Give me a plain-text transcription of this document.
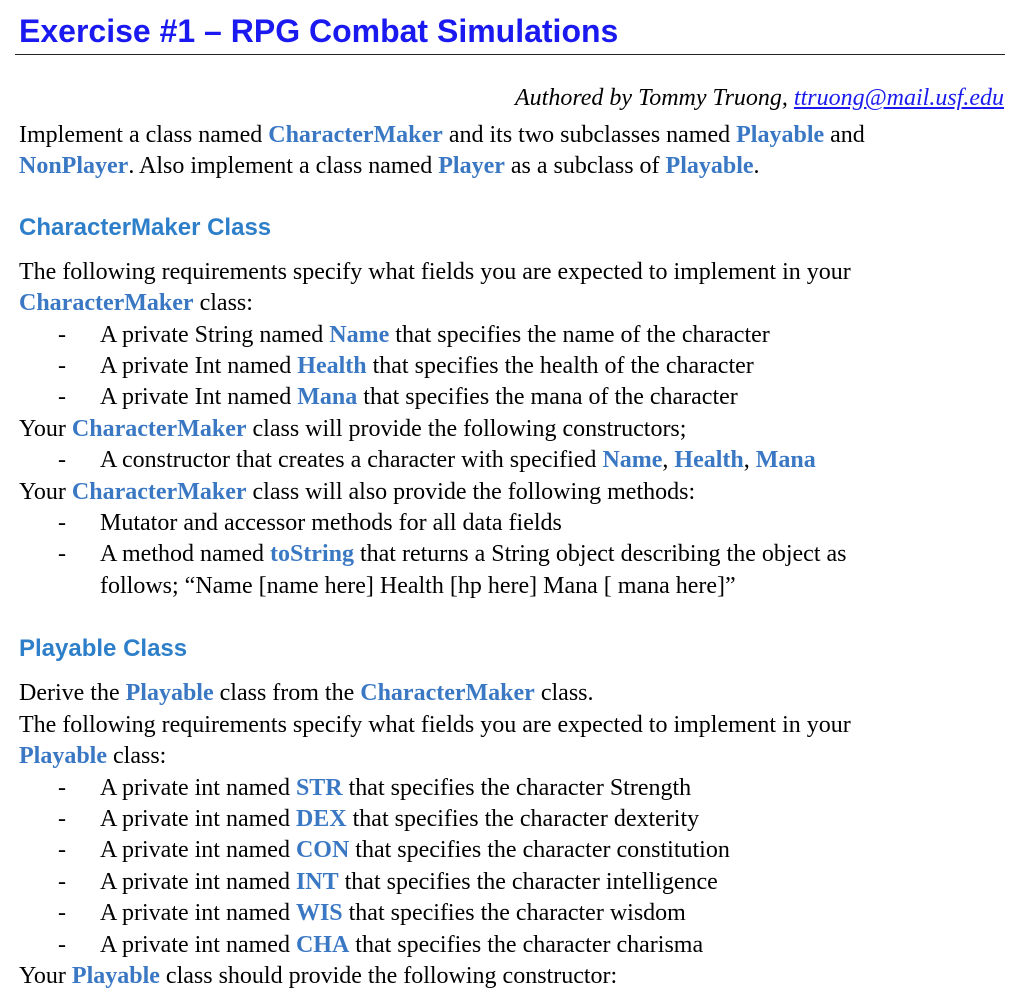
Exercise #1 – RPG Combat Simulations
Authored by Tommy Truong, ttruong@mail.usf.edu

Implement a class named CharacterMaker and its two subclasses named Playable and
NonPlayer. Also implement a class named Player as a subclass of Playable.

CharacterMaker Class

The following requirements specify what fields you are expected to implement in your
CharacterMaker class:

- A private String named Name that specifies the name of the character
- A private Int named Health that specifies the health of the character
- A private Int named Mana that specifies the mana of the character

Your CharacterMaker class will provide the following constructors;

- A constructor that creates a character with specified Name, Health, Mana

Your CharacterMaker class will also provide the following methods:

- Mutator and accessor methods for all data fields
- A method named toString that returns a String object describing the object as
follows; “Name [name here] Health [hp here] Mana [ mana here]”
Playable Class

Derive the Playable class from the CharacterMaker class.

The following requirements specify what fields you are expected to implement in your
Playable class:

- A private int named STR that specifies the character Strength
- A private int named DEX that specifies the character dexterity
- A private int named CON that specifies the character constitution
- A private int named INT that specifies the character intelligence
- A private int named WIS that specifies the character wisdom
- A private int named CHA that specifies the character charisma

Your Playable class should provide the following constructor:
